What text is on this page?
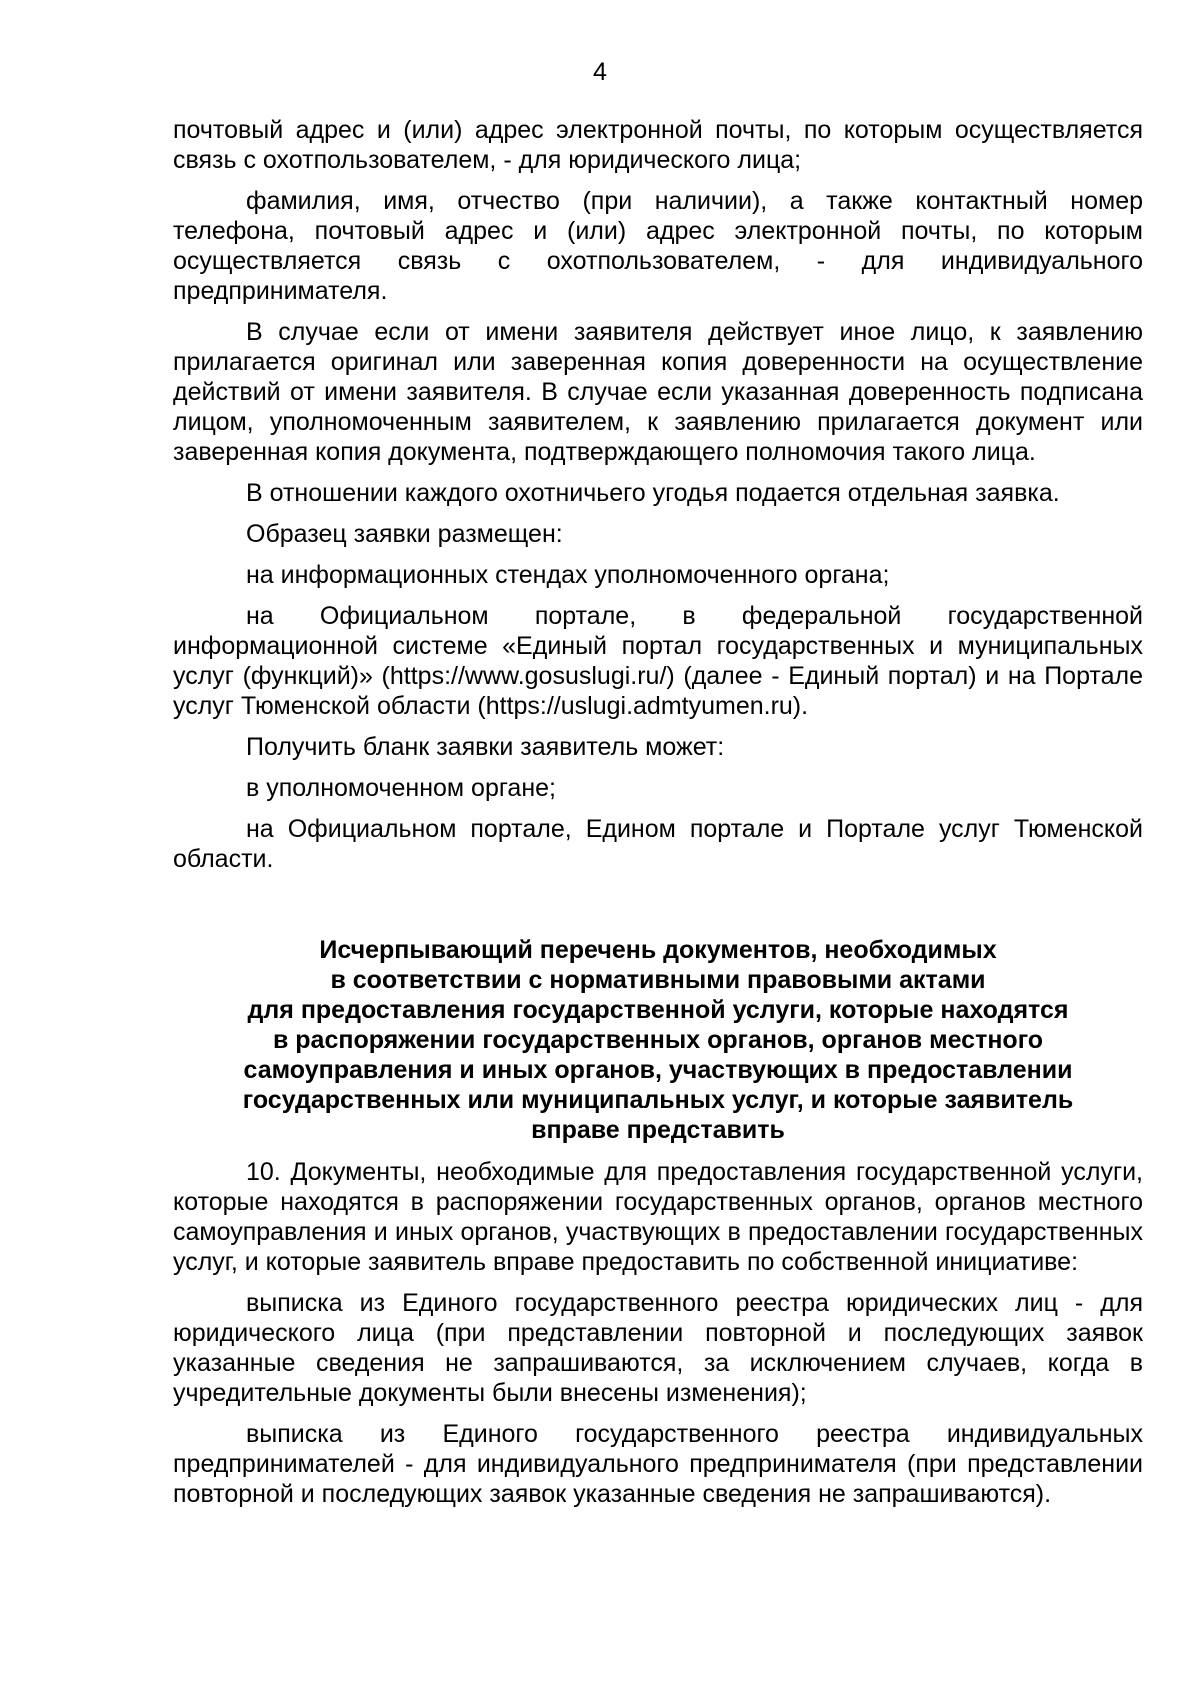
4

почтовый адрес и (или) адрес электронной почты, по которым осуществляется связь с охотпользователем, - для юридического лица;

фамилия, имя, отчество (при наличии), а также контактный номер телефона, почтовый адрес и (или) адрес электронной почты, по которым осуществляется связь с охотпользователем, - для индивидуального предпринимателя.

В случае если от имени заявителя действует иное лицо, к заявлению прилагается оригинал или заверенная копия доверенности на осуществление действий от имени заявителя. В случае если указанная доверенность подписана лицом, уполномоченным заявителем, к заявлению прилагается документ или заверенная копия документа, подтверждающего полномочия такого лица.

В отношении каждого охотничьего угодья подается отдельная заявка.

Образец заявки размещен:

на информационных стендах уполномоченного органа;

на Официальном портале, в федеральной государственной информационной системе «Единый портал государственных и муниципальных услуг (функций)» (https://www.gosuslugi.ru/) (далее - Единый портал) и на Портале услуг Тюменской области (https://uslugi.admtyumen.ru).

Получить бланк заявки заявитель может:

в уполномоченном органе;

на Официальном портале, Едином портале и Портале услуг Тюменской области.

Исчерпывающий перечень документов, необходимых
в соответствии с нормативными правовыми актами
для предоставления государственной услуги, которые находятся
в распоряжении государственных органов, органов местного
самоуправления и иных органов, участвующих в предоставлении
государственных или муниципальных услуг, и которые заявитель
вправе представить

10. Документы, необходимые для предоставления государственной услуги, которые находятся в распоряжении государственных органов, органов местного самоуправления и иных органов, участвующих в предоставлении государственных услуг, и которые заявитель вправе предоставить по собственной инициативе:

выписка из Единого государственного реестра юридических лиц - для юридического лица (при представлении повторной и последующих заявок указанные сведения не запрашиваются, за исключением случаев, когда в учредительные документы были внесены изменения);

выписка из Единого государственного реестра индивидуальных предпринимателей - для индивидуального предпринимателя (при представлении повторной и последующих заявок указанные сведения не запрашиваются).
